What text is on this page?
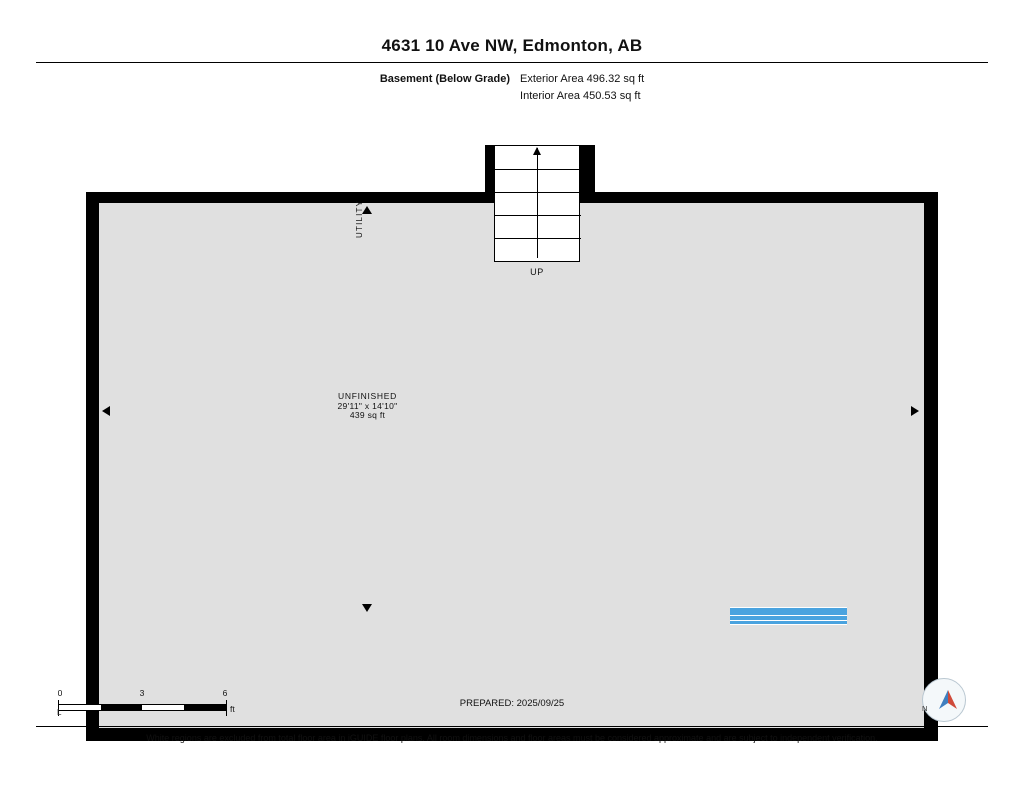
4631 10 Ave NW, Edmonton, AB
Basement (Below Grade) Exterior Area 496.32 sq ft
Interior Area 450.53 sq ft
UP
UTILITY
UNFINISHED
29'11" x 14'10"
439 sq ft
0	3	6
L	ft	PREPARED: 2025/09/25	N
White regions are excluded from total floor area in iGUIDE floor plans. All room dimensions and floor areas must be considered approximate and are subject to independent verification.
